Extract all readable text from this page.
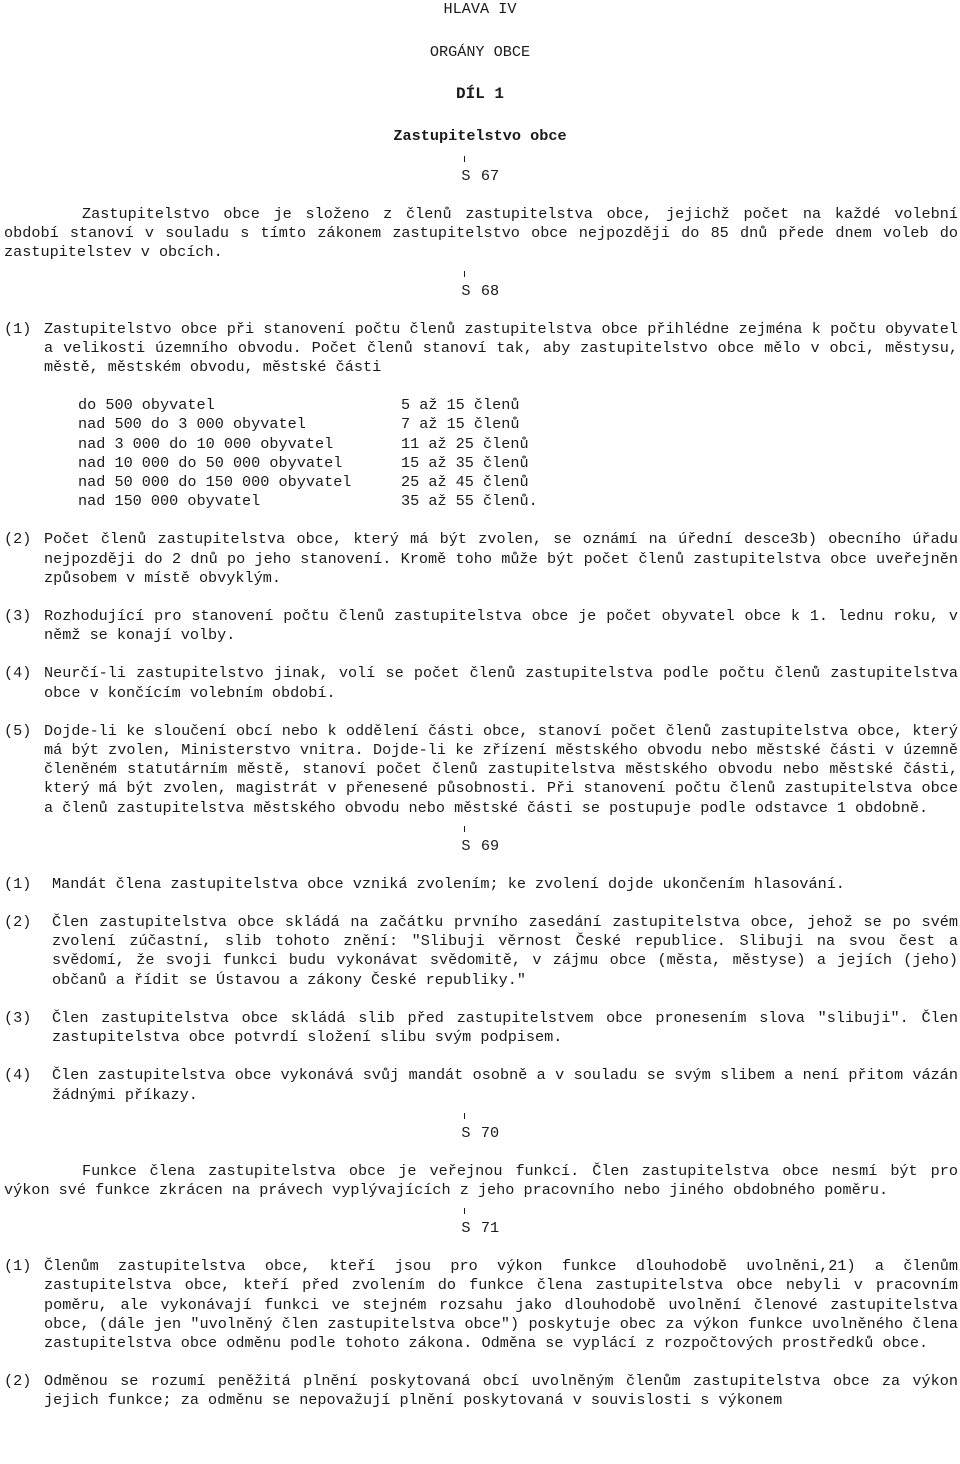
HLAVA IV

ORGÁNY OBCE

DÍL 1

Zastupitelstvo obce

S 67

Zastupitelstvo obce je složeno z členů zastupitelstva obce, jejichž počet na každé volební období stanoví v souladu s tímto zákonem zastupitelstvo obce nejpozději do 85 dnů přede dnem voleb do zastupitelstev v obcích.

S 68

(1) Zastupitelstvo obce při stanovení počtu členů zastupitelstva obce přihlédne zejména k počtu obyvatel a velikosti územního obvodu. Počet členů stanoví tak, aby zastupitelstvo obce mělo v obci, městysu, městě, městském obvodu, městské části
do 500 obyvatel	5 až 15 členů
nad 500 do 3 000 obyvatel	7 až 15 členů
nad 3 000 do 10 000 obyvatel	11 až 25 členů
nad 10 000 do 50 000 obyvatel	15 až 35 členů
nad 50 000 do 150 000 obyvatel	25 až 45 členů
nad 150 000 obyvatel	35 až 55 členů.
(2) Počet členů zastupitelstva obce, který má být zvolen, se oznámí na úřední desce3b) obecního úřadu nejpozději do 2 dnů po jeho stanovení. Kromě toho může být počet členů zastupitelstva obce uveřejněn způsobem v místě obvyklým.
(3) Rozhodující pro stanovení počtu členů zastupitelstva obce je počet obyvatel obce k 1. lednu roku, v němž se konají volby.
(4) Neurčí-li zastupitelstvo jinak, volí se počet členů zastupitelstva podle počtu členů zastupitelstva obce v končícím volebním období.
(5) Dojde-li ke sloučení obcí nebo k oddělení části obce, stanoví počet členů zastupitelstva obce, který má být zvolen, Ministerstvo vnitra. Dojde-li ke zřízení městského obvodu nebo městské části v územně členěném statutárním městě, stanoví počet členů zastupitelstva městského obvodu nebo městské části, který má být zvolen, magistrát v přenesené působnosti. Při stanovení počtu členů zastupitelstva obce a členů zastupitelstva městského obvodu nebo městské části se postupuje podle odstavce 1 obdobně.

S 69

(1)	Mandát člena zastupitelstva obce vzniká zvolením; ke zvolení dojde ukončením hlasování.
(2)	Člen zastupitelstva obce skládá na začátku prvního zasedání zastupitelstva obce, jehož se po svém zvolení zúčastní, slib tohoto znění: "Slibuji věrnost České republice. Slibuji na svou čest a svědomí, že svoji funkci budu vykonávat svědomitě, v zájmu obce (města, městyse) a jejích (jeho) občanů a řídit se Ústavou a zákony České republiky."
(3)	Člen zastupitelstva obce skládá slib před zastupitelstvem obce pronesením slova "slibuji". Člen zastupitelstva obce potvrdí složení slibu svým podpisem.
(4)	Člen zastupitelstva obce vykonává svůj mandát osobně a v souladu se svým slibem a není přitom vázán žádnými příkazy.

S 70

Funkce člena zastupitelstva obce je veřejnou funkcí. Člen zastupitelstva obce nesmí být pro výkon své funkce zkrácen na právech vyplývajících z jeho pracovního nebo jiného obdobného poměru.

S 71

(1) Členům zastupitelstva obce, kteří jsou pro výkon funkce dlouhodobě uvolněni,21) a členům zastupitelstva obce, kteří před zvolením do funkce člena zastupitelstva obce nebyli v pracovním poměru, ale vykonávají funkci ve stejném rozsahu jako dlouhodobě uvolnění členové zastupitelstva obce, (dále jen "uvolněný člen zastupitelstva obce") poskytuje obec za výkon funkce uvolněného člena zastupitelstva obce odměnu podle tohoto zákona. Odměna se vyplácí z rozpočtových prostředků obce.
(2) Odměnou se rozumí peněžitá plnění poskytovaná obcí uvolněným členům zastupitelstva obce za výkon jejich funkce; za odměnu se nepovažují plnění poskytovaná v souvislosti s výkonem
